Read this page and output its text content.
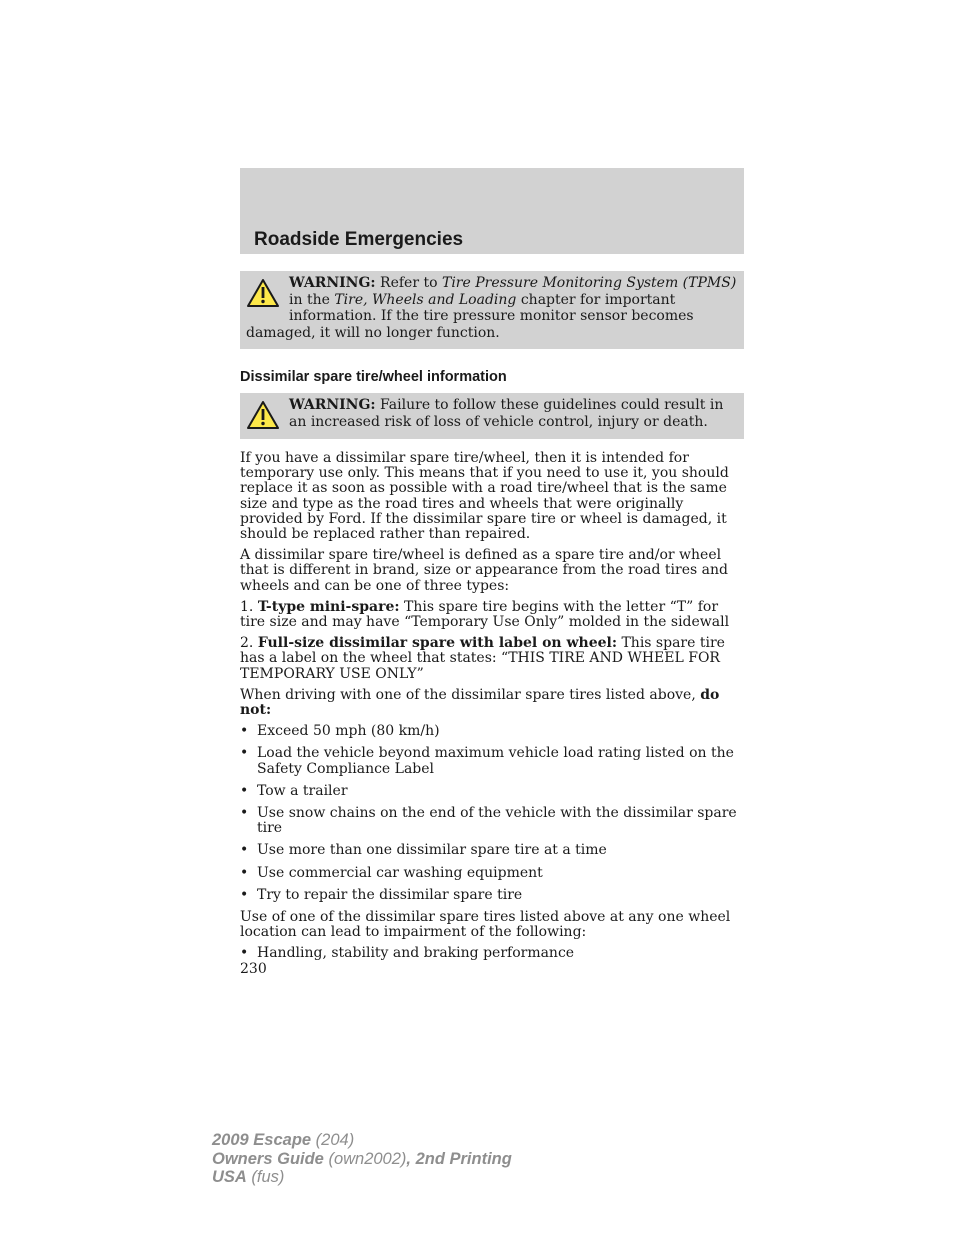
Roadside Emergencies
WARNING: Refer to Tire Pressure Monitoring System (TPMS) in the Tire, Wheels and Loading chapter for important information. If the tire pressure monitor sensor becomes damaged, it will no longer function.
Dissimilar spare tire/wheel information
WARNING: Failure to follow these guidelines could result in an increased risk of loss of vehicle control, injury or death.

If you have a dissimilar spare tire/wheel, then it is intended for temporary use only. This means that if you need to use it, you should replace it as soon as possible with a road tire/wheel that is the same size and type as the road tires and wheels that were originally provided by Ford. If the dissimilar spare tire or wheel is damaged, it should be replaced rather than repaired.

A dissimilar spare tire/wheel is defined as a spare tire and/or wheel that is different in brand, size or appearance from the road tires and wheels and can be one of three types:

1. T-type mini-spare: This spare tire begins with the letter “T” for tire size and may have “Temporary Use Only” molded in the sidewall

2. Full-size dissimilar spare with label on wheel: This spare tire has a label on the wheel that states: “THIS TIRE AND WHEEL FOR TEMPORARY USE ONLY”

When driving with one of the dissimilar spare tires listed above, do not:

• Exceed 50 mph (80 km/h)
• Load the vehicle beyond maximum vehicle load rating listed on the Safety Compliance Label
• Tow a trailer
• Use snow chains on the end of the vehicle with the dissimilar spare tire
• Use more than one dissimilar spare tire at a time
• Use commercial car washing equipment
• Try to repair the dissimilar spare tire

Use of one of the dissimilar spare tires listed above at any one wheel location can lead to impairment of the following:

• Handling, stability and braking performance
230
2009 Escape (204)
Owners Guide (own2002), 2nd Printing
USA (fus)
